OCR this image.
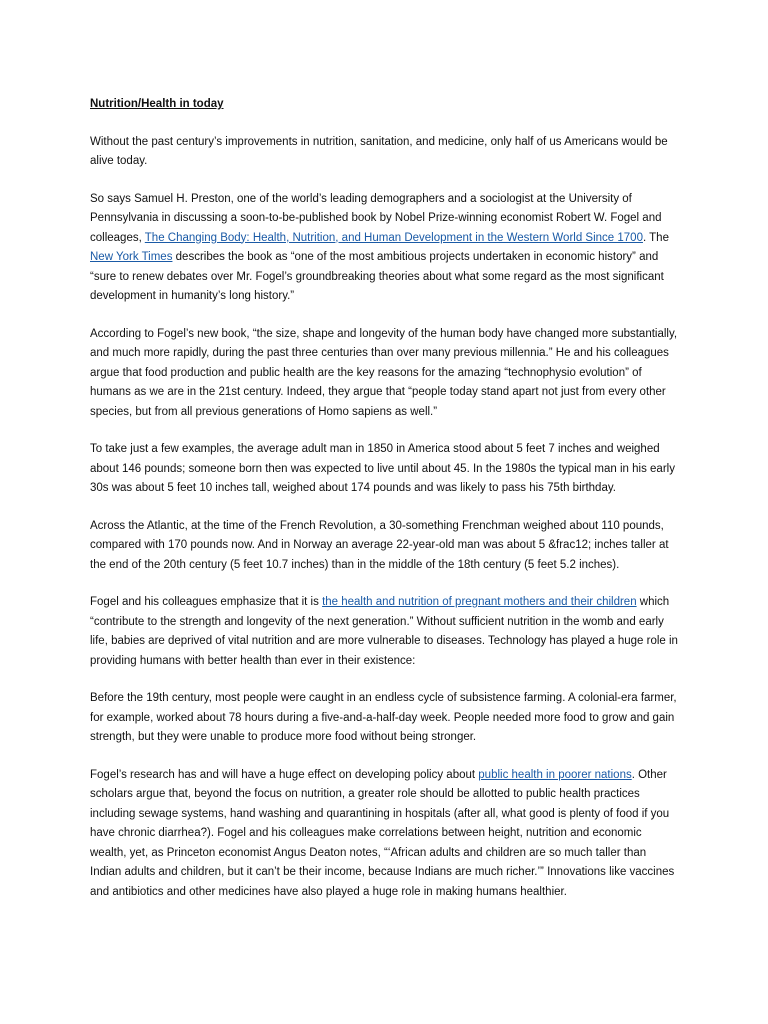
Nutrition/Health in today

Without the past century’s improvements in nutrition, sanitation, and medicine, only half of us Americans would be alive today.

So says Samuel H. Preston, one of the world’s leading demographers and a sociologist at the University of Pennsylvania in discussing a soon-to-be-published book by Nobel Prize-winning economist Robert W. Fogel and colleages, The Changing Body: Health, Nutrition, and Human Development in the Western World Since 1700. The New York Times describes the book as “one of the most ambitious projects undertaken in economic history” and “sure to renew debates over Mr. Fogel’s groundbreaking theories about what some regard as the most significant development in humanity’s long history.”

According to Fogel’s new book, “the size, shape and longevity of the human body have changed more substantially, and much more rapidly, during the past three centuries than over many previous millennia.” He and his colleagues argue that food production and public health are the key reasons for the amazing “technophysio evolution” of humans as we are in the 21st century. Indeed, they argue that “people today stand apart not just from every other species, but from all previous generations of Homo sapiens as well.”

To take just a few examples, the average adult man in 1850 in America stood about 5 feet 7 inches and weighed about 146 pounds; someone born then was expected to live until about 45. In the 1980s the typical man in his early 30s was about 5 feet 10 inches tall, weighed about 174 pounds and was likely to pass his 75th birthday.

Across the Atlantic, at the time of the French Revolution, a 30-something Frenchman weighed about 110 pounds, compared with 170 pounds now. And in Norway an average 22-year-old man was about 5 &frac12; inches taller at the end of the 20th century (5 feet 10.7 inches) than in the middle of the 18th century (5 feet 5.2 inches).

Fogel and his colleagues emphasize that it is the health and nutrition of pregnant mothers and their children which “contribute to the strength and longevity of the next generation.” Without sufficient nutrition in the womb and early life, babies are deprived of vital nutrition and are more vulnerable to diseases. Technology has played a huge role in providing humans with better health than ever in their existence:

Before the 19th century, most people were caught in an endless cycle of subsistence farming. A colonial-era farmer, for example, worked about 78 hours during a five-and-a-half-day week. People needed more food to grow and gain strength, but they were unable to produce more food without being stronger.

Fogel’s research has and will have a huge effect on developing policy about public health in poorer nations. Other scholars argue that, beyond the focus on nutrition, a greater role should be allotted to public health practices including sewage systems, hand washing and quarantining in hospitals (after all, what good is plenty of food if you have chronic diarrhea?). Fogel and his colleagues make correlations between height, nutrition and economic wealth, yet, as Princeton economist Angus Deaton notes, “‘African adults and children are so much taller than Indian adults and children, but it can’t be their income, because Indians are much richer.’” Innovations like vaccines and antibiotics and other medicines have also played a huge role in making humans healthier.
